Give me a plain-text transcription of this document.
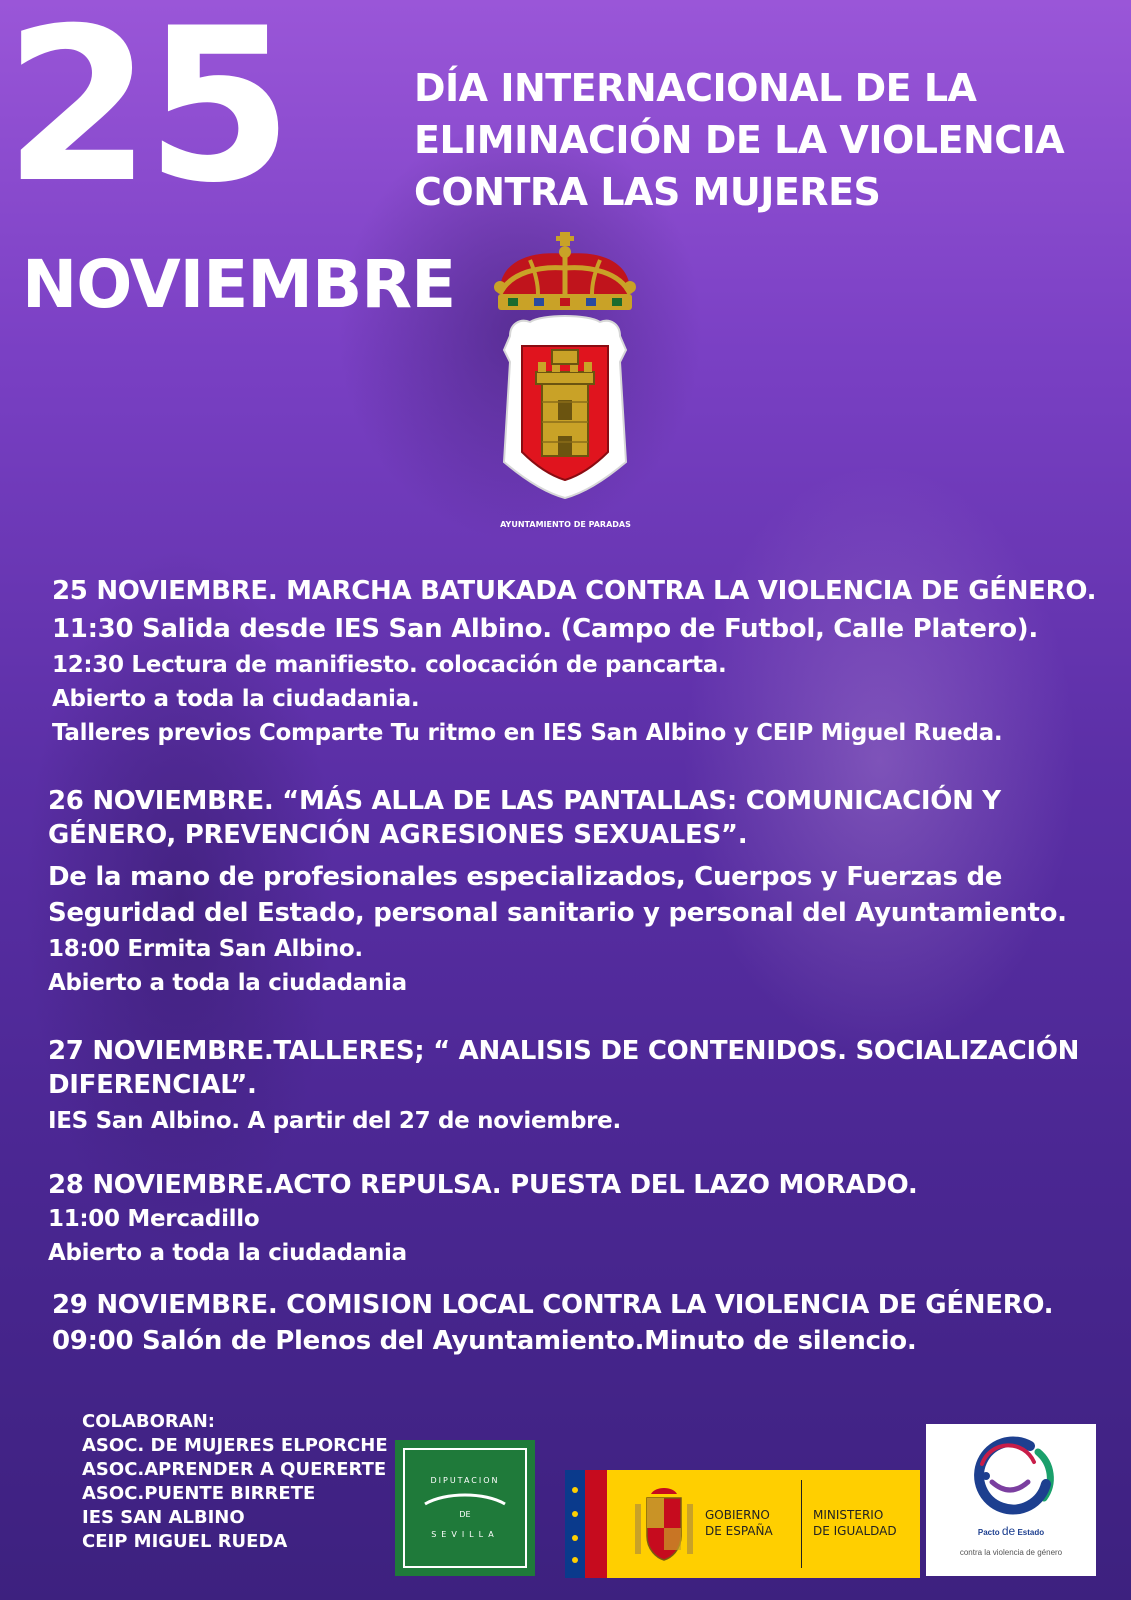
25
NOVIEMBRE
DÍA INTERNACIONAL DE LA
ELIMINACIÓN DE LA VIOLENCIA
CONTRA LAS MUJERES
AYUNTAMIENTO DE PARADAS
25 NOVIEMBRE. MARCHA BATUKADA CONTRA LA VIOLENCIA DE GÉNERO.
11:30 Salida desde IES San Albino. (Campo de Futbol, Calle Platero).
12:30 Lectura de manifiesto. colocación de pancarta.
Abierto a toda la ciudadania.
Talleres previos Comparte Tu ritmo en IES San Albino y CEIP Miguel Rueda.
26 NOVIEMBRE. “MÁS ALLA DE LAS PANTALLAS: COMUNICACIÓN Y
GÉNERO, PREVENCIÓN AGRESIONES SEXUALES”.
De la mano de profesionales especializados, Cuerpos y Fuerzas de
Seguridad del Estado, personal sanitario y personal del Ayuntamiento.
18:00 Ermita San Albino.
Abierto a toda la ciudadania
27 NOVIEMBRE.TALLERES; “ ANALISIS DE CONTENIDOS. SOCIALIZACIÓN
DIFERENCIAL”.
IES San Albino. A partir del 27 de noviembre.
28 NOVIEMBRE.ACTO REPULSA. PUESTA DEL LAZO MORADO.
11:00 Mercadillo
Abierto a toda la ciudadania
29 NOVIEMBRE. COMISION LOCAL CONTRA LA VIOLENCIA DE GÉNERO.
09:00 Salón de Plenos del Ayuntamiento.Minuto de silencio.
COLABORAN:
ASOC. DE MUJERES ELPORCHE
ASOC.APRENDER A QUERERTE
ASOC.PUENTE BIRRETE
IES SAN ALBINO
CEIP MIGUEL RUEDA
DIPUTACION
DE
SEVILLA
GOBIERNO
DE ESPAÑA
MINISTERIO
DE IGUALDAD	Pacto de Estado
contra la violencia de género
